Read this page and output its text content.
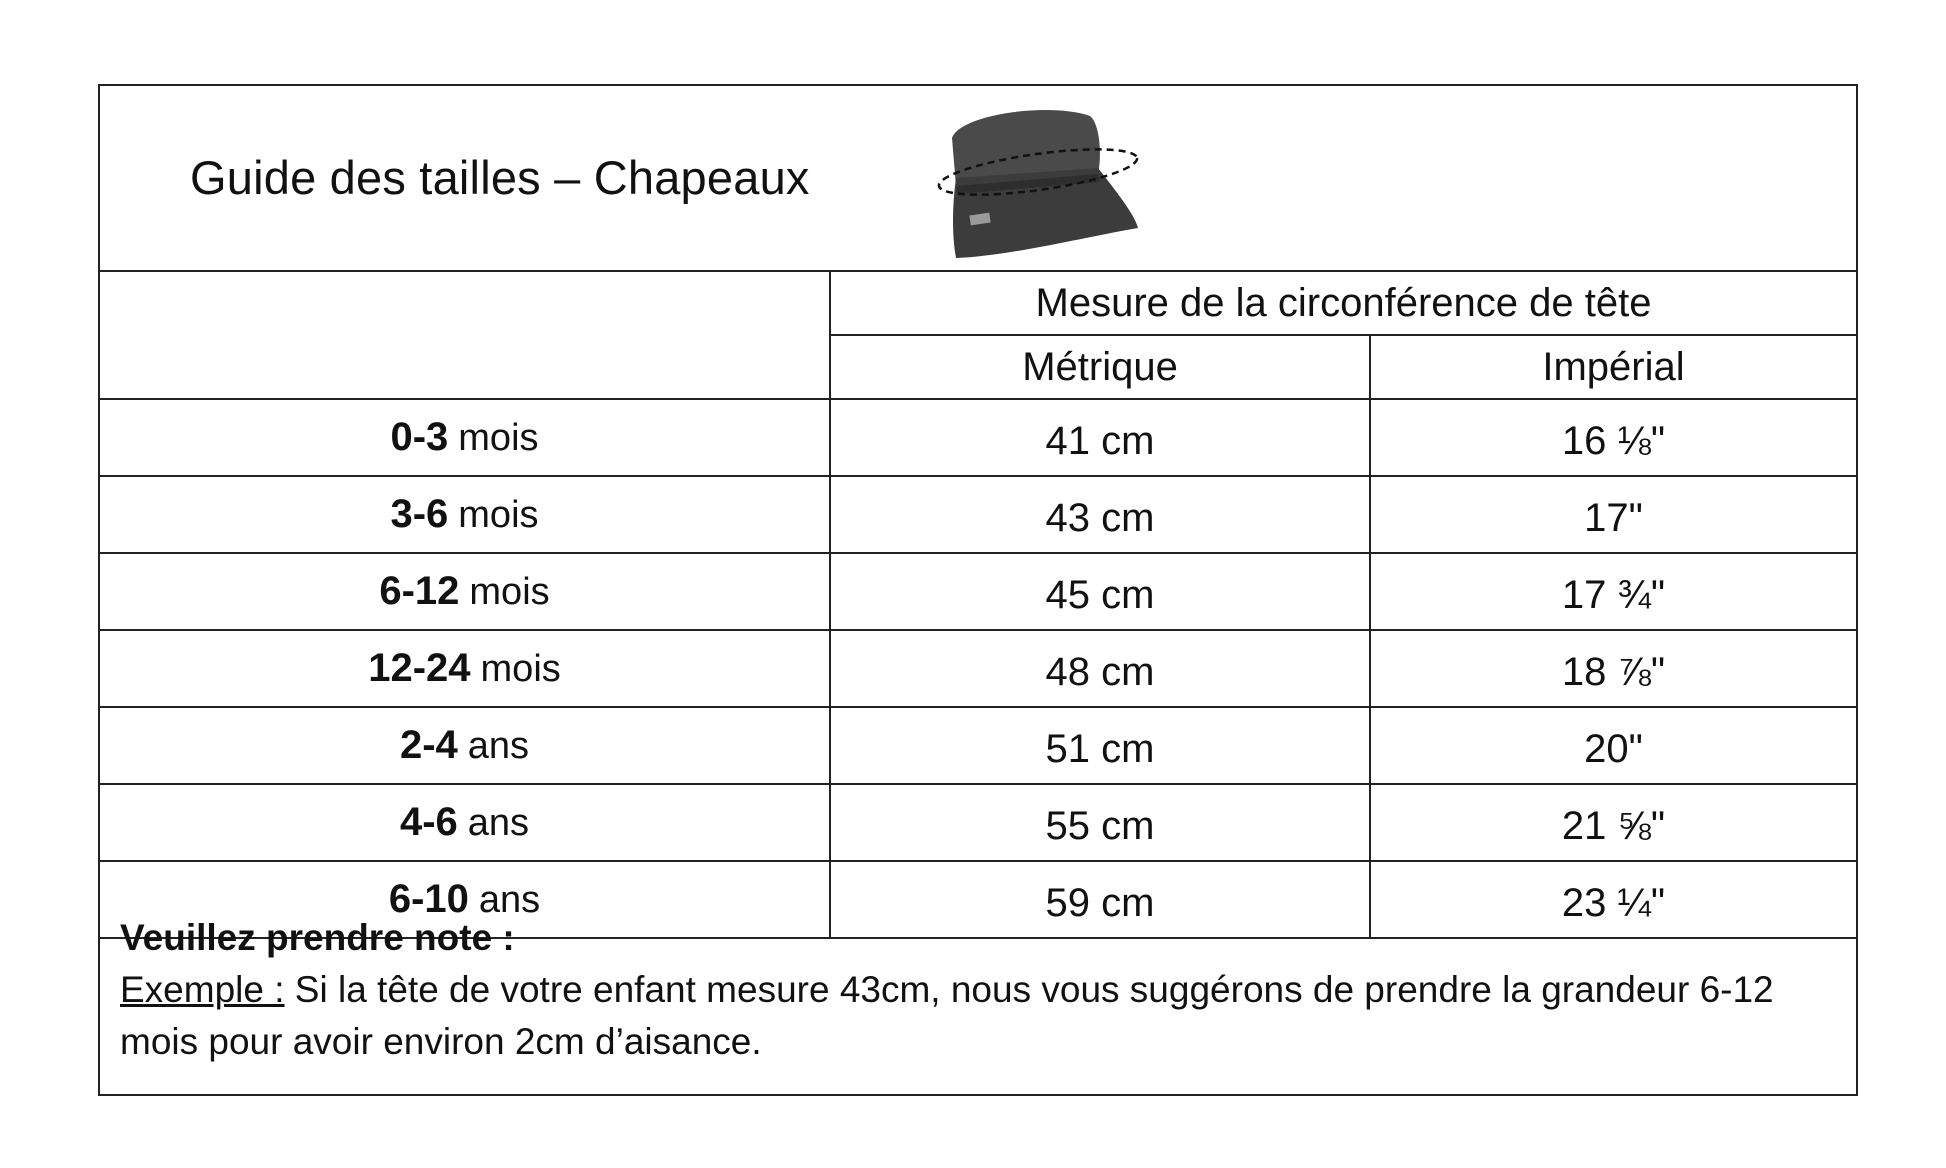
Guide des tailles – Chapeaux
	Mesure de la circonférence de tête	
	Métrique	Impérial
0-3 mois	41 cm	16 ⅛"
3-6 mois	43 cm	17"
6-12 mois	45 cm	17 ¾"
12-24 mois	48 cm	18 ⅞"
2-4 ans	51 cm	20"
4-6 ans	55 cm	21 ⅝"
6-10 ans	59 cm	23 ¼"
Veuillez prendre note :
Exemple : Si la tête de votre enfant mesure 43cm, nous vous suggérons de prendre la grandeur 6-12 mois pour avoir environ 2cm d’aisance.
